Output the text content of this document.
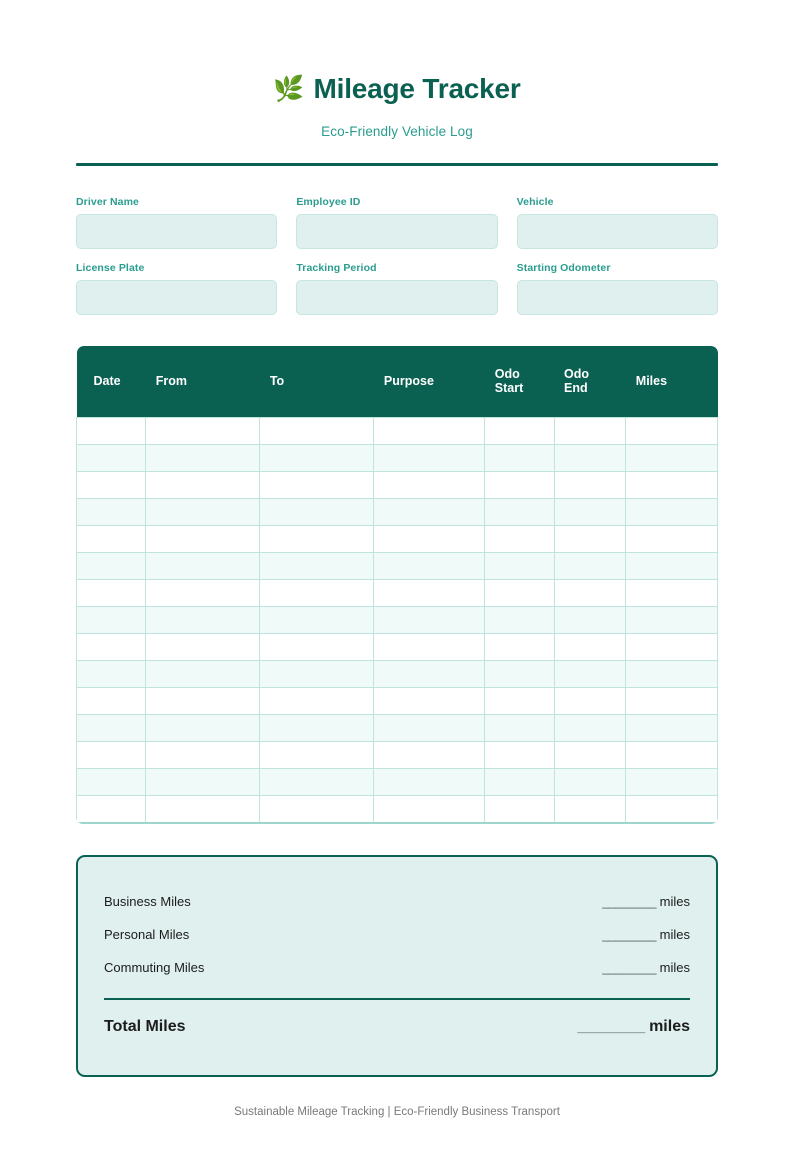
🌿 Mileage Tracker
Eco-Friendly Vehicle Log
Driver Name	Employee ID	Vehicle
License Plate	Tracking Period	Starting Odometer
Date	From	To	Purpose	Odo Start	Odo End	Miles

Business Miles	________ miles
Personal Miles	________ miles
Commuting Miles	________ miles
Total Miles	________ miles
Sustainable Mileage Tracking | Eco-Friendly Business Transport
